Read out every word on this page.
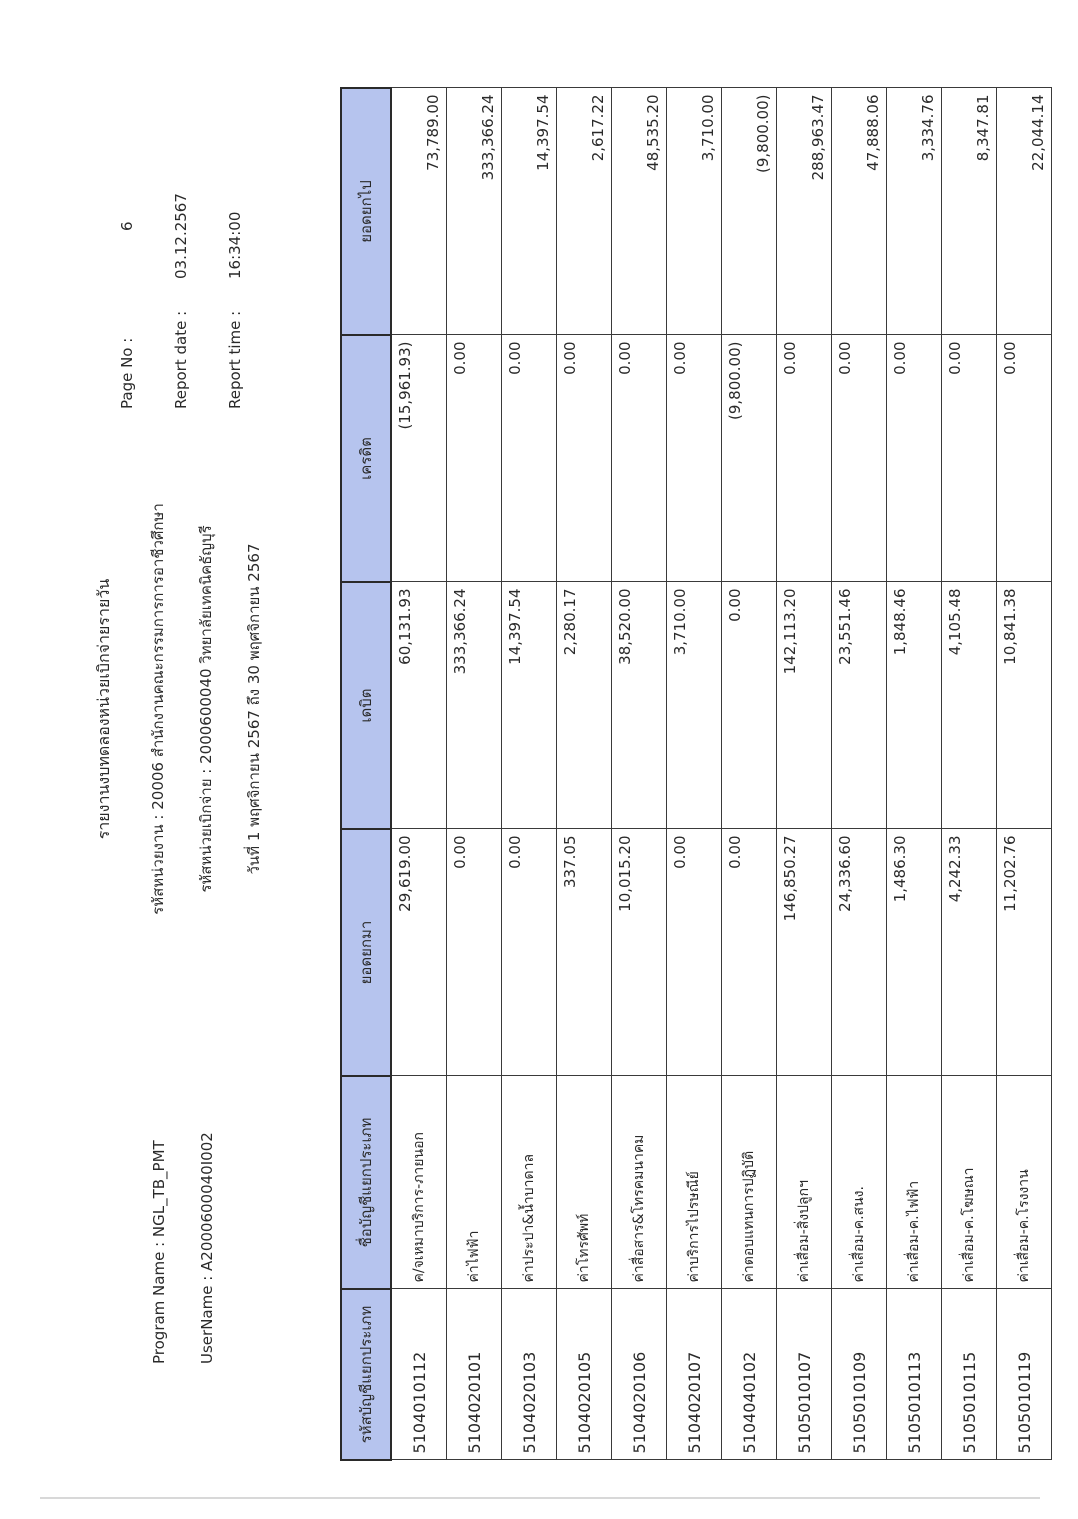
Program Name : NGL_TB_PMT UserName : A2000600040I002
รายงานงบทดลองหน่วยเบิกจ่ายรายวัน รหัสหน่วยงาน : 20006 สำนักงานคณะกรรมการการอาชีวศึกษา รหัสหน่วยเบิกจ่าย : 2000600040 วิทยาลัยเทคนิคธัญบุรี วันที่ 1 พฤศจิกายน 2567 ถึง 30 พฤศจิกายน 2567
Page No :
6
Report date :
03.12.2567
Report time :
16:34:00
รหัสบัญชีแยกประเภท	ชื่อบัญชีแยกประเภท	ยอดยกมา	เดบิต	เครดิต	ยอดยกไป
5104010112	ค/จเหมาบริการ-ภายนอก	29,619.00	60,131.93	(15,961.93)	73,789.00
5104020101	ค่าไฟฟ้า	0.00	333,366.24	0.00	333,366.24
5104020103	ค่าประปา&น้ำบาดาล	0.00	14,397.54	0.00	14,397.54
5104020105	ค่าโทรศัพท์	337.05	2,280.17	0.00	2,617.22
5104020106	ค่าสื่อสาร&โทรคมนาคม	10,015.20	38,520.00	0.00	48,535.20
5104020107	ค่าบริการไปรษณีย์	0.00	3,710.00	0.00	3,710.00
5104040102	ค่าตอบแทนการปฏิบัติ	0.00	0.00	(9,800.00)	(9,800.00)
5105010107	ค่าเสื่อม-สิ่งปลูกฯ	146,850.27	142,113.20	0.00	288,963.47
5105010109	ค่าเสื่อม-ค.สนง.	24,336.60	23,551.46	0.00	47,888.06
5105010113	ค่าเสื่อม-ค.ไฟฟ้า	1,486.30	1,848.46	0.00	3,334.76
5105010115	ค่าเสื่อม-ค.โฆษณา	4,242.33	4,105.48	0.00	8,347.81
5105010119	ค่าเสื่อม-ค.โรงงาน	11,202.76	10,841.38	0.00	22,044.14
